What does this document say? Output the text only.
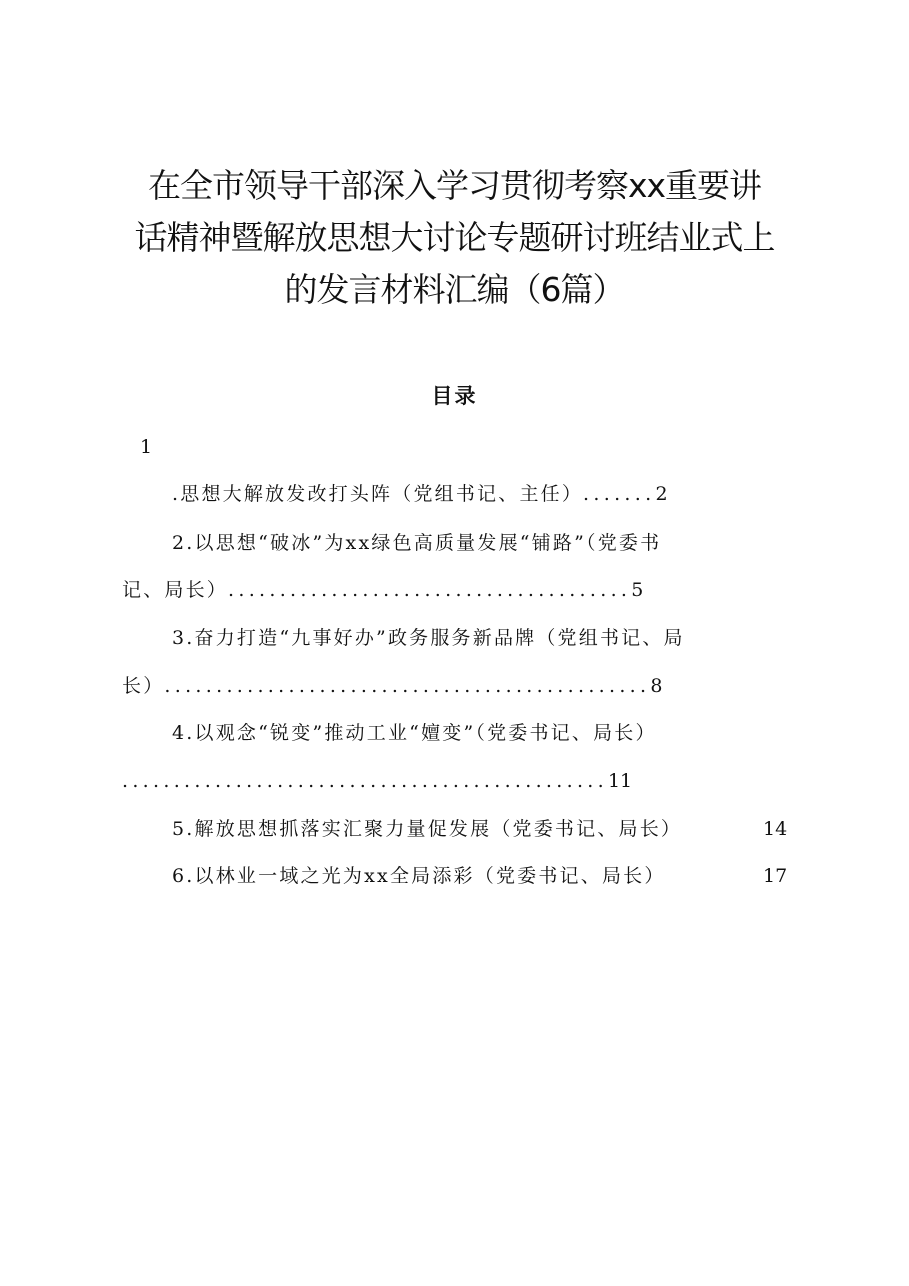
在全市领导干部深入学习贯彻考察xx重要讲
话精神暨解放思想大讨论专题研讨班结业式上
的发言材料汇编（6篇）
目录
1
.思想大解放发改打头阵（党组书记、主任）.......2
2.以思想“破冰”为xx绿色高质量发展“铺路”（党委书
记、局长）.......................................5
3.奋力打造“九事好办”政务服务新品牌（党组书记、局
长）...............................................8
4.以观念“锐变”推动工业“嬗变”（党委书记、局长）
...............................................11
5.解放思想抓落实汇聚力量促发展（党委书记、局长）	14
6.以林业一域之光为xx全局添彩（党委书记、局长）	17
